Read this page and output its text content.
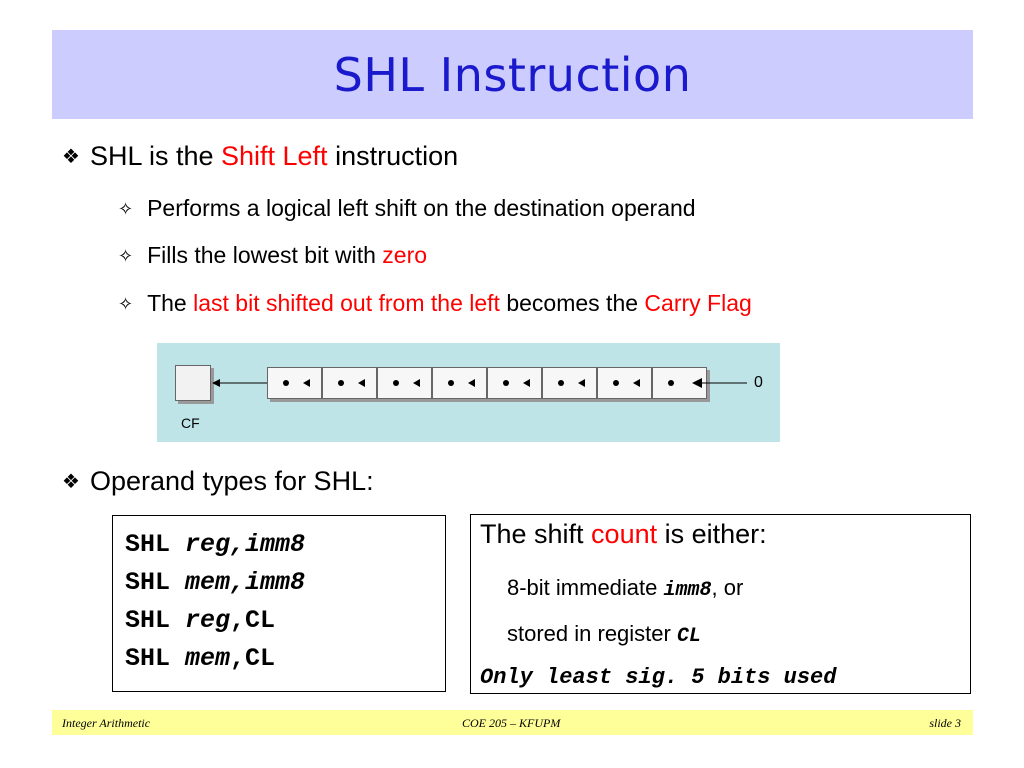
SHL Instruction
❖ SHL is the Shift Left instruction
✧ Performs a logical left shift on the destination operand
✧ Fills the lowest bit with zero
✧ The last bit shifted out from the left becomes the Carry Flag
CF
0
❖ Operand types for SHL:
SHL reg,imm8
SHL mem,imm8
SHL reg,CL
SHL mem,CL
The shift count is either:
8-bit immediate imm8, or
stored in register CL
Only least sig. 5 bits used
Integer Arithmetic	COE 205 – KFUPM	slide 3
